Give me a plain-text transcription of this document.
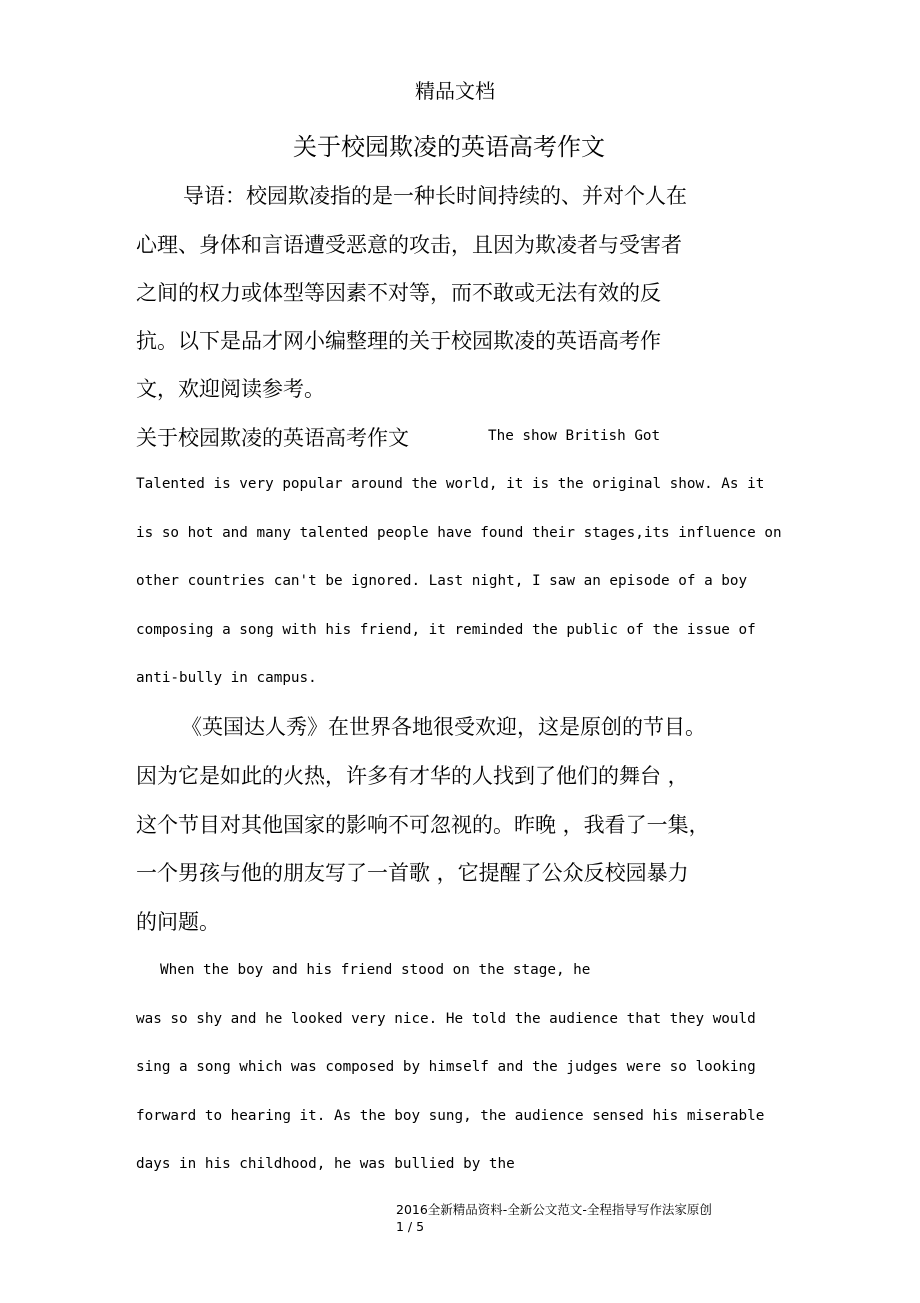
精品文档
关于校园欺凌的英语高考作文
导语：校园欺凌指的是一种长时间持续的、并对个人在
心理、身体和言语遭受恶意的攻击，且因为欺凌者与受害者
之间的权力或体型等因素不对等，而不敢或无法有效的反
抗。以下是品才网小编整理的关于校园欺凌的英语高考作
文，欢迎阅读参考。
关于校园欺凌的英语高考作文	The show British Got
Talented is very popular around the world, it is the original show. As it
is so hot and many talented people have found their stages,its influence on
other countries can't be ignored. Last night, I saw an episode of a boy
composing a song with his friend, it reminded the public of the issue of
anti-bully in campus.
《英国达人秀》在世界各地很受欢迎，这是原创的节目。
因为它是如此的火热，许多有才华的人找到了他们的舞台 ，
这个节目对其他国家的影响不可忽视的。昨晚 ，我看了一集，
一个男孩与他的朋友写了一首歌 ，它提醒了公众反校园暴力
的问题。
When the boy and his friend stood on the stage, he
was so shy and he looked very nice. He told the audience that they would
sing a song which was composed by himself and the judges were so looking
forward to hearing it. As the boy sung, the audience sensed his miserable
days in his childhood, he was bullied by the
2016全新精品资料-全新公文范文-全程指导写作法家原创
1 / 5
